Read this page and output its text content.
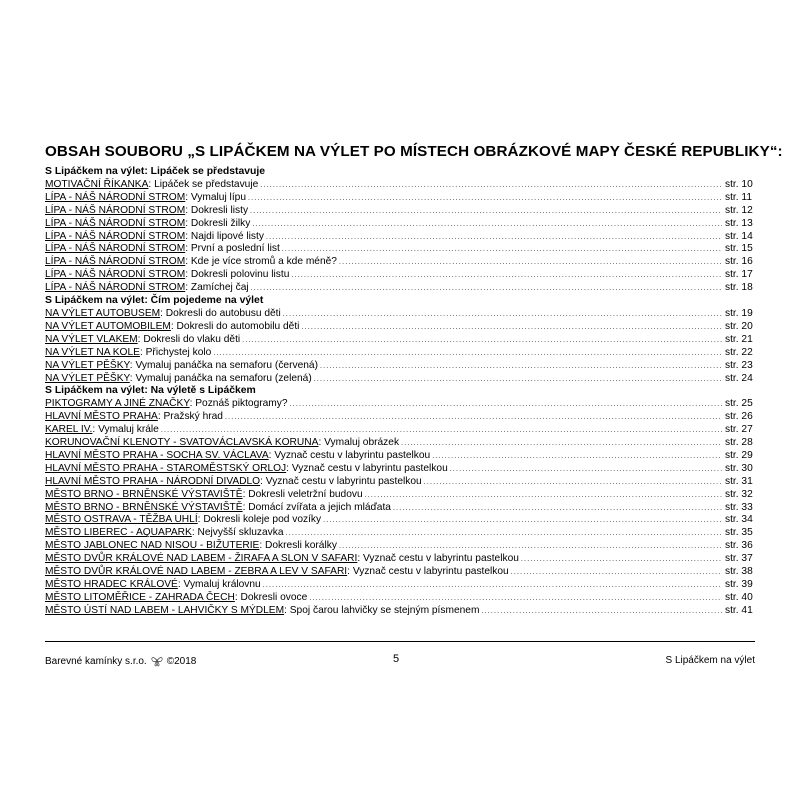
OBSAH SOUBORU „S LIPÁČKEM NA VÝLET PO MÍSTECH OBRÁZKOVÉ MAPY ČESKÉ REPUBLIKY“:
S Lipáčkem na výlet: Lipáček se představuje
MOTIVAČNÍ ŘÍKANKA: Lipáček se představuje .....	str. 10
LÍPA - NÁŠ NÁRODNÍ STROM: Vymaluj lípu .....	str. 11
LÍPA - NÁŠ NÁRODNÍ STROM: Dokresli listy .....	str. 12
LÍPA - NÁŠ NÁRODNÍ STROM: Dokresli žilky .....	str. 13
LÍPA - NÁŠ NÁRODNÍ STROM: Najdi lipové listy .....	str. 14
LÍPA - NÁŠ NÁRODNÍ STROM: První a poslední list .....	str. 15
LÍPA - NÁŠ NÁRODNÍ STROM: Kde je více stromů a kde méně? .....	str. 16
LÍPA - NÁŠ NÁRODNÍ STROM: Dokresli polovinu listu .....	str. 17
LÍPA - NÁŠ NÁRODNÍ STROM: Zamíchej čaj .....	str. 18
S Lipáčkem na výlet: Čím pojedeme na výlet
NA VÝLET AUTOBUSEM: Dokresli do autobusu děti .....	str. 19
NA VÝLET AUTOMOBILEM: Dokresli do automobilu děti .....	str. 20
NA VÝLET VLAKEM: Dokresli do vlaku děti .....	str. 21
NA VÝLET NA KOLE: Přichystej kolo .....	str. 22
NA VÝLET PĚŠKY: Vymaluj panáčka na semaforu (červená) .....	str. 23
NA VÝLET PĚŠKY: Vymaluj panáčka na semaforu (zelená) .....	str. 24
S Lipáčkem na výlet: Na výletě s Lipáčkem
PIKTOGRAMY A JINÉ ZNAČKY: Poznáš piktogramy? .....	str. 25
HLAVNÍ MĚSTO PRAHA: Pražský hrad .....	str. 26
KAREL IV.: Vymaluj krále .....	str. 27
KORUNOVAČNÍ KLENOTY - SVATOVÁCLAVSKÁ KORUNA: Vymaluj obrázek .....	str. 28
HLAVNÍ MĚSTO PRAHA - SOCHA SV. VÁCLAVA: Vyznač cestu v labyrintu pastelkou .....	str. 29
HLAVNÍ MĚSTO PRAHA - STAROMĚSTSKÝ ORLOJ: Vyznač cestu v labyrintu pastelkou .....	str. 30
HLAVNÍ MĚSTO PRAHA - NÁRODNÍ DIVADLO: Vyznač cestu v labyrintu pastelkou .....	str. 31
MĚSTO BRNO - BRNĚNSKÉ VÝSTAVIŠTĚ: Dokresli veletržní budovu .....	str. 32
MĚSTO BRNO - BRNĚNSKÉ VÝSTAVIŠTĚ: Domácí zvířata a jejich mláďata .....	str. 33
MĚSTO OSTRAVA - TĚŽBA UHLÍ: Dokresli koleje pod vozíky .....	str. 34
MĚSTO LIBEREC - AQUAPARK: Nejvyšší skluzavka .....	str. 35
MĚSTO JABLONEC NAD NISOU - BIŽUTERIE: Dokresli korálky .....	str. 36
MĚSTO DVŮR KRÁLOVÉ NAD LABEM - ŽIRAFA A SLON V SAFARI: Vyznač cestu v labyrintu pastelkou .....	str. 37
MĚSTO DVŮR KRÁLOVÉ NAD LABEM - ZEBRA A LEV V SAFARI: Vyznač cestu v labyrintu pastelkou .....	str. 38
MĚSTO HRADEC KRÁLOVÉ: Vymaluj královnu .....	str. 39
MĚSTO LITOMĚŘICE - ZAHRADA ČECH: Dokresli ovoce .....	str. 40
MĚSTO ÚSTÍ NAD LABEM - LAHVIČKY S MÝDLEM: Spoj čarou lahvičky se stejným písmenem .....	str. 41
Barevné kamínky s.r.o. ©2018	5	S Lipáčkem na výlet
